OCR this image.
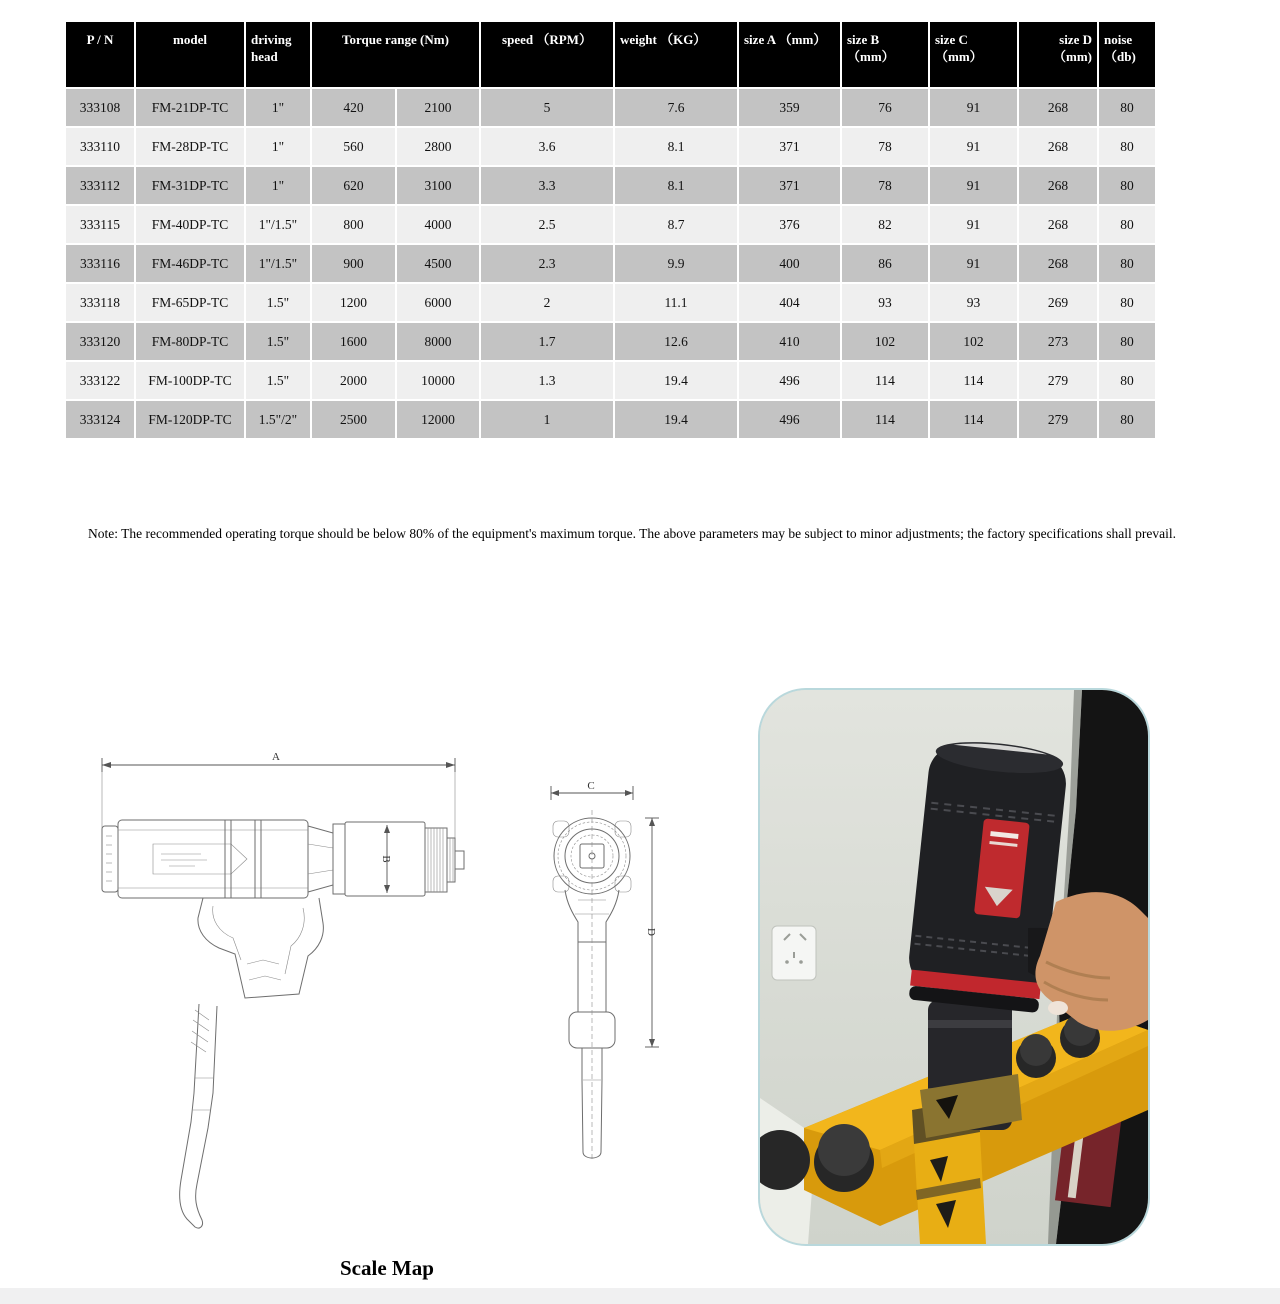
P / N	model	driving head	Torque range (Nm)		speed （RPM）	weight （KG）	size A （mm）	size B （mm）	size C （mm）	size D （mm)	noise （db)
333108	FM-21DP-TC	1"	420	2100	5	7.6	359	76	91	268	80
333110	FM-28DP-TC	1"	560	2800	3.6	8.1	371	78	91	268	80
333112	FM-31DP-TC	1"	620	3100	3.3	8.1	371	78	91	268	80
333115	FM-40DP-TC	1"/1.5"	800	4000	2.5	8.7	376	82	91	268	80
333116	FM-46DP-TC	1"/1.5"	900	4500	2.3	9.9	400	86	91	268	80
333118	FM-65DP-TC	1.5"	1200	6000	2	11.1	404	93	93	269	80
333120	FM-80DP-TC	1.5"	1600	8000	1.7	12.6	410	102	102	273	80
333122	FM-100DP-TC	1.5"	2000	10000	1.3	19.4	496	114	114	279	80
333124	FM-120DP-TC	1.5"/2"	2500	12000	1	19.4	496	114	114	279	80

Note: The recommended operating torque should be below 80% of the equipment's maximum torque. The above parameters may be subject to minor adjustments; the factory specifications shall prevail.

A
B
C
D
Scale Map
